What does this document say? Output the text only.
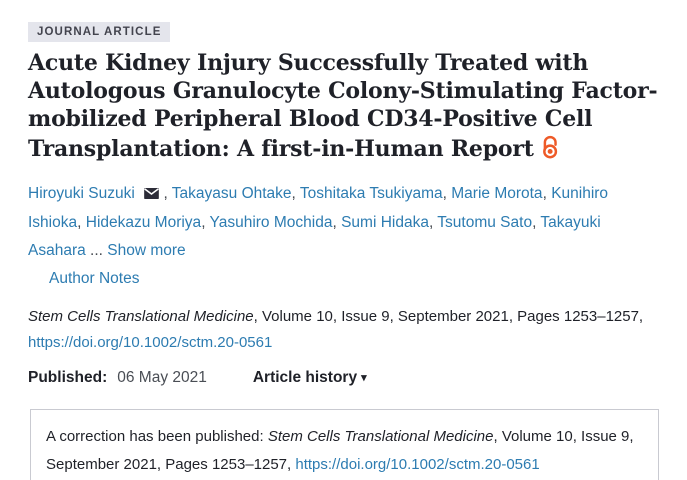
JOURNAL ARTICLE
Acute Kidney Injury Successfully Treated with
Autologous Granulocyte Colony-Stimulating Factor-
mobilized Peripheral Blood CD34-Positive Cell
Transplantation: A first-in-Human Report

Hiroyuki Suzuki , Takayasu Ohtake, Toshitaka Tsukiyama, Marie Morota, Kunihiro Ishioka, Hidekazu Moriya, Yasuhiro Mochida, Sumi Hidaka, Tsutomu Sato, Takayuki Asahara ... Show more

Author Notes

Stem Cells Translational Medicine, Volume 10, Issue 9, September 2021, Pages 1253–1257,
https://doi.org/10.1002/sctm.20-0561

Published: 06 May 2021	Article history ▾
A correction has been published: Stem Cells Translational Medicine, Volume 10, Issue 9, September 2021, Pages 1253–1257, https://doi.org/10.1002/sctm.20-0561
